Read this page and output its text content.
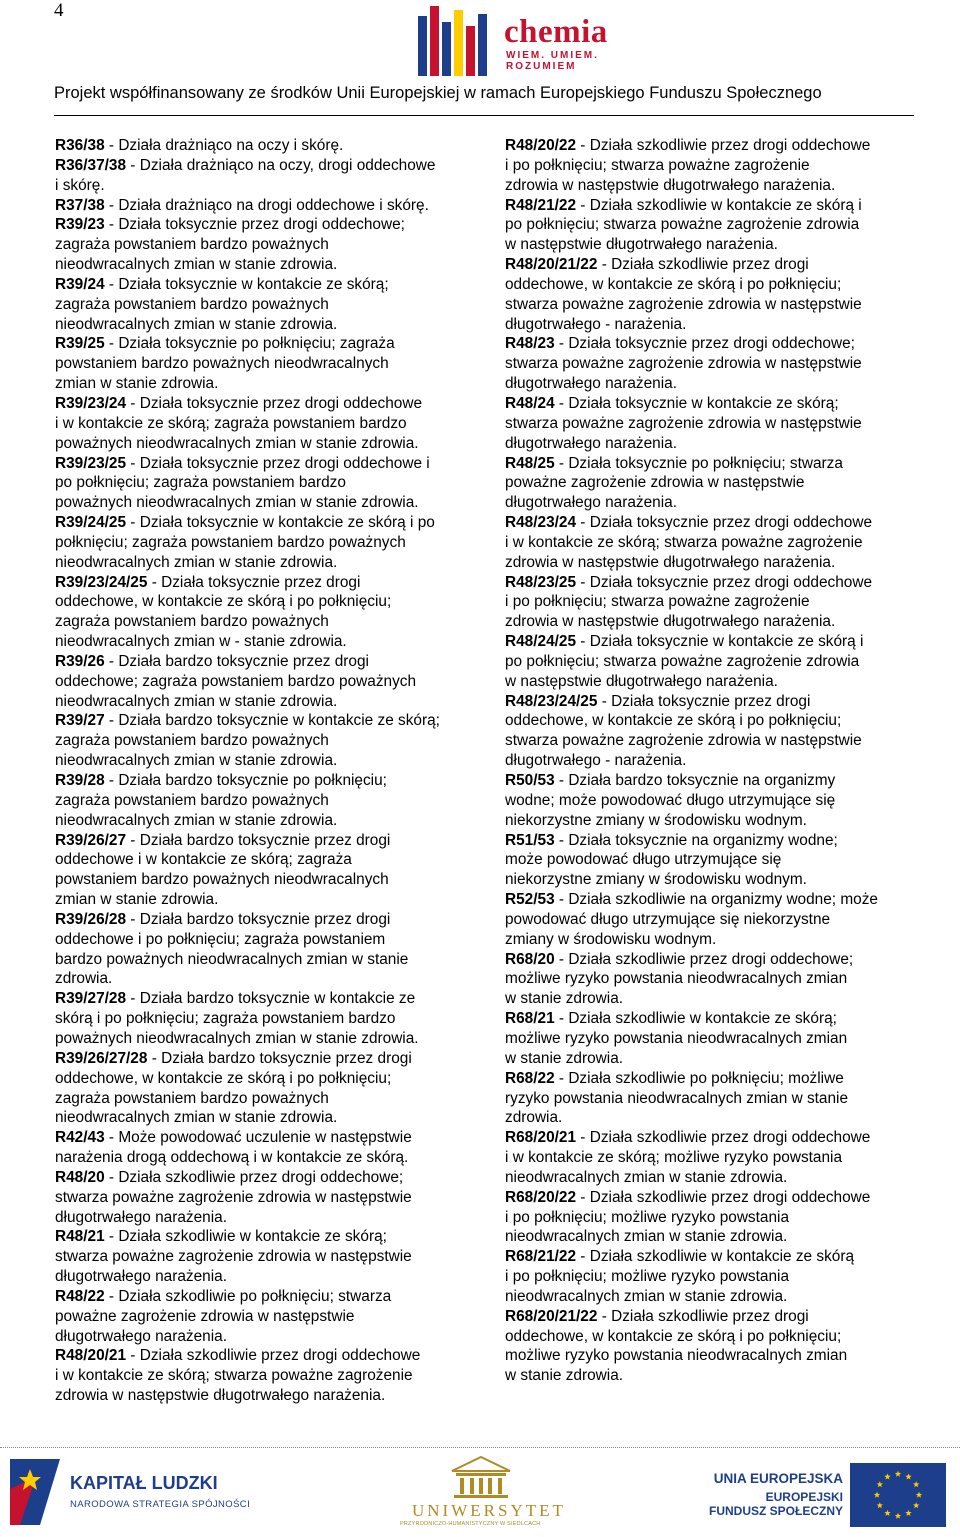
4
chemia
WIEM. UMIEM. ROZUMIEM
Projekt współfinansowany ze środków Unii Europejskiej w ramach Europejskiego Funduszu Społecznego

R36/38 - Działa drażniąco na oczy i skórę.

R36/37/38 - Działa drażniąco na oczy, drogi oddechowe
i skórę.

R37/38 - Działa drażniąco na drogi oddechowe i skórę.

R39/23 - Działa toksycznie przez drogi oddechowe;
zagraża powstaniem bardzo poważnych
nieodwracalnych zmian w stanie zdrowia.

R39/24 - Działa toksycznie w kontakcie ze skórą;
zagraża powstaniem bardzo poważnych
nieodwracalnych zmian w stanie zdrowia.

R39/25 - Działa toksycznie po połknięciu; zagraża
powstaniem bardzo poważnych nieodwracalnych
zmian w stanie zdrowia.

R39/23/24 - Działa toksycznie przez drogi oddechowe
i w kontakcie ze skórą; zagraża powstaniem bardzo
poważnych nieodwracalnych zmian w stanie zdrowia.

R39/23/25 - Działa toksycznie przez drogi oddechowe i
po połknięciu; zagraża powstaniem bardzo
poważnych nieodwracalnych zmian w stanie zdrowia.

R39/24/25 - Działa toksycznie w kontakcie ze skórą i po
połknięciu; zagraża powstaniem bardzo poważnych
nieodwracalnych zmian w stanie zdrowia.

R39/23/24/25 - Działa toksycznie przez drogi
oddechowe, w kontakcie ze skórą i po połknięciu;
zagraża powstaniem bardzo poważnych
nieodwracalnych zmian w - stanie zdrowia.

R39/26 - Działa bardzo toksycznie przez drogi
oddechowe; zagraża powstaniem bardzo poważnych
nieodwracalnych zmian w stanie zdrowia.

R39/27 - Działa bardzo toksycznie w kontakcie ze skórą;
zagraża powstaniem bardzo poważnych
nieodwracalnych zmian w stanie zdrowia.

R39/28 - Działa bardzo toksycznie po połknięciu;
zagraża powstaniem bardzo poważnych
nieodwracalnych zmian w stanie zdrowia.

R39/26/27 - Działa bardzo toksycznie przez drogi
oddechowe i w kontakcie ze skórą; zagraża
powstaniem bardzo poważnych nieodwracalnych
zmian w stanie zdrowia.

R39/26/28 - Działa bardzo toksycznie przez drogi
oddechowe i po połknięciu; zagraża powstaniem
bardzo poważnych nieodwracalnych zmian w stanie
zdrowia.

R39/27/28 - Działa bardzo toksycznie w kontakcie ze
skórą i po połknięciu; zagraża powstaniem bardzo
poważnych nieodwracalnych zmian w stanie zdrowia.

R39/26/27/28 - Działa bardzo toksycznie przez drogi
oddechowe, w kontakcie ze skórą i po połknięciu;
zagraża powstaniem bardzo poważnych
nieodwracalnych zmian w stanie zdrowia.

R42/43 - Może powodować uczulenie w następstwie
narażenia drogą oddechową i w kontakcie ze skórą.

R48/20 - Działa szkodliwie przez drogi oddechowe;
stwarza poważne zagrożenie zdrowia w następstwie
długotrwałego narażenia.

R48/21 - Działa szkodliwie w kontakcie ze skórą;
stwarza poważne zagrożenie zdrowia w następstwie
długotrwałego narażenia.

R48/22 - Działa szkodliwie po połknięciu; stwarza
poważne zagrożenie zdrowia w następstwie
długotrwałego narażenia.

R48/20/21 - Działa szkodliwie przez drogi oddechowe
i w kontakcie ze skórą; stwarza poważne zagrożenie
zdrowia w następstwie długotrwałego narażenia.

R48/20/22 - Działa szkodliwie przez drogi oddechowe
i po połknięciu; stwarza poważne zagrożenie
zdrowia w następstwie długotrwałego narażenia.

R48/21/22 - Działa szkodliwie w kontakcie ze skórą i
po połknięciu; stwarza poważne zagrożenie zdrowia
w następstwie długotrwałego narażenia.

R48/20/21/22 - Działa szkodliwie przez drogi
oddechowe, w kontakcie ze skórą i po połknięciu;
stwarza poważne zagrożenie zdrowia w następstwie
długotrwałego - narażenia.

R48/23 - Działa toksycznie przez drogi oddechowe;
stwarza poważne zagrożenie zdrowia w następstwie
długotrwałego narażenia.

R48/24 - Działa toksycznie w kontakcie ze skórą;
stwarza poważne zagrożenie zdrowia w następstwie
długotrwałego narażenia.

R48/25 - Działa toksycznie po połknięciu; stwarza
poważne zagrożenie zdrowia w następstwie
długotrwałego narażenia.

R48/23/24 - Działa toksycznie przez drogi oddechowe
i w kontakcie ze skórą; stwarza poważne zagrożenie
zdrowia w następstwie długotrwałego narażenia.

R48/23/25 - Działa toksycznie przez drogi oddechowe
i po połknięciu; stwarza poważne zagrożenie
zdrowia w następstwie długotrwałego narażenia.

R48/24/25 - Działa toksycznie w kontakcie ze skórą i
po połknięciu; stwarza poważne zagrożenie zdrowia
w następstwie długotrwałego narażenia.

R48/23/24/25 - Działa toksycznie przez drogi
oddechowe, w kontakcie ze skórą i po połknięciu;
stwarza poważne zagrożenie zdrowia w następstwie
długotrwałego - narażenia.

R50/53 - Działa bardzo toksycznie na organizmy
wodne; może powodować długo utrzymujące się
niekorzystne zmiany w środowisku wodnym.

R51/53 - Działa toksycznie na organizmy wodne;
może powodować długo utrzymujące się
niekorzystne zmiany w środowisku wodnym.

R52/53 - Działa szkodliwie na organizmy wodne; może
powodować długo utrzymujące się niekorzystne
zmiany w środowisku wodnym.

R68/20 - Działa szkodliwie przez drogi oddechowe;
możliwe ryzyko powstania nieodwracalnych zmian
w stanie zdrowia.

R68/21 - Działa szkodliwie w kontakcie ze skórą;
możliwe ryzyko powstania nieodwracalnych zmian
w stanie zdrowia.

R68/22 - Działa szkodliwie po połknięciu; możliwe
ryzyko powstania nieodwracalnych zmian w stanie
zdrowia.

R68/20/21 - Działa szkodliwie przez drogi oddechowe
i w kontakcie ze skórą; możliwe ryzyko powstania
nieodwracalnych zmian w stanie zdrowia.

R68/20/22 - Działa szkodliwie przez drogi oddechowe
i po połknięciu; możliwe ryzyko powstania
nieodwracalnych zmian w stanie zdrowia.

R68/21/22 - Działa szkodliwie w kontakcie ze skórą
i po połknięciu; możliwe ryzyko powstania
nieodwracalnych zmian w stanie zdrowia.

R68/20/21/22 - Działa szkodliwie przez drogi
oddechowe, w kontakcie ze skórą i po połknięciu;
możliwe ryzyko powstania nieodwracalnych zmian
w stanie zdrowia.

KAPITAŁ LUDZKI
NARODOWA STRATEGIA SPÓJNOŚCI	UNIWERSYTET
PRZYRODNICZO-HUMANISTYCZNY W SIEDLCACH
UNIA EUROPEJSKA
EUROPEJSKI
FUNDUSZ SPOŁECZNY
